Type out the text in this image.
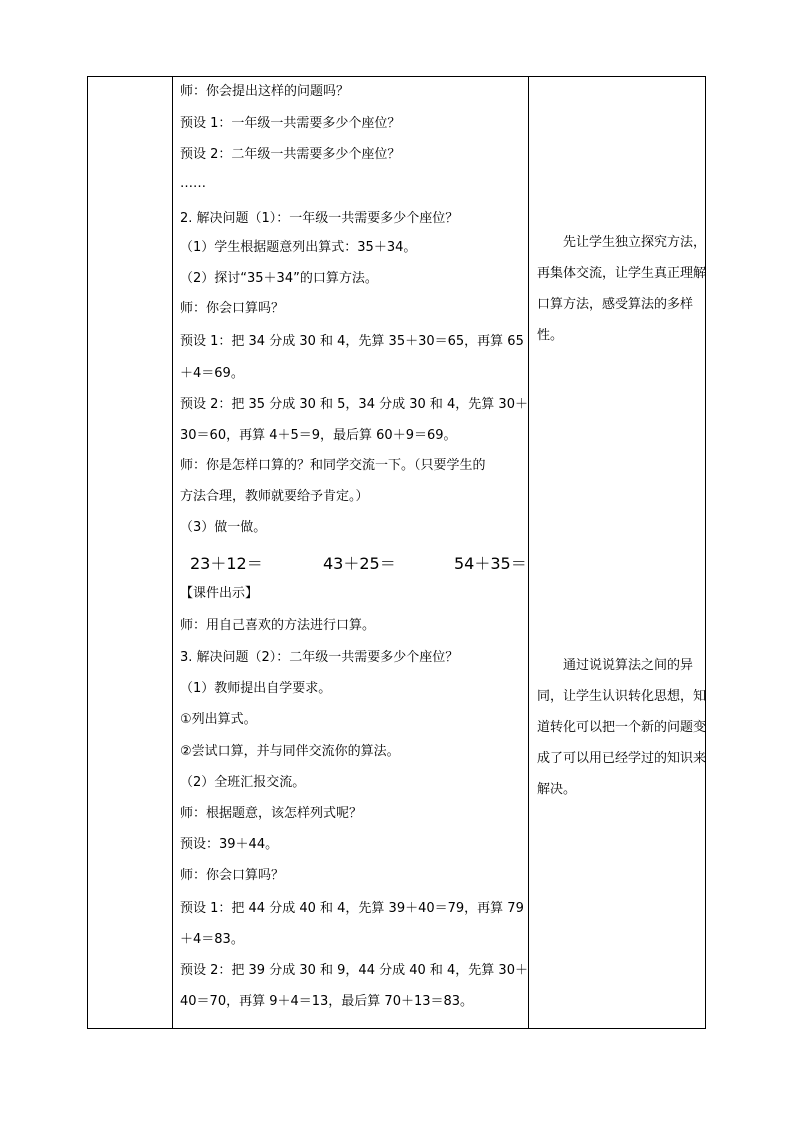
师：你会提出这样的问题吗？
预设 1：一年级一共需要多少个座位？
预设 2：二年级一共需要多少个座位？
……
2. 解决问题（1）：一年级一共需要多少个座位？
（1）学生根据题意列出算式：35＋34。
（2）探讨“35＋34”的口算方法。
师：你会口算吗？
预设 1：把 34 分成 30 和 4，先算 35＋30＝65，再算 65
＋4＝69。
预设 2：把 35 分成 30 和 5，34 分成 30 和 4，先算 30＋
30＝60，再算 4＋5＝9，最后算 60＋9＝69。
师：你是怎样口算的？和同学交流一下。（只要学生的
方法合理，教师就要给予肯定。）
（3）做一做。
23＋12＝	43＋25＝	54＋35＝
【课件出示】
师：用自己喜欢的方法进行口算。
3. 解决问题（2）：二年级一共需要多少个座位？
（1）教师提出自学要求。
①列出算式。
②尝试口算，并与同伴交流你的算法。
（2）全班汇报交流。
师：根据题意，该怎样列式呢？
预设：39＋44。
师：你会口算吗？
预设 1：把 44 分成 40 和 4，先算 39＋40＝79，再算 79
＋4＝83。
预设 2：把 39 分成 30 和 9，44 分成 40 和 4，先算 30＋
40＝70，再算 9＋4＝13，最后算 70＋13＝83。

先让学生独立探究方法，再集体交流，让学生真正理解口算方法，感受算法的多样性。

通过说说算法之间的异同，让学生认识转化思想，知道转化可以把一个新的问题变成了可以用已经学过的知识来解决。
